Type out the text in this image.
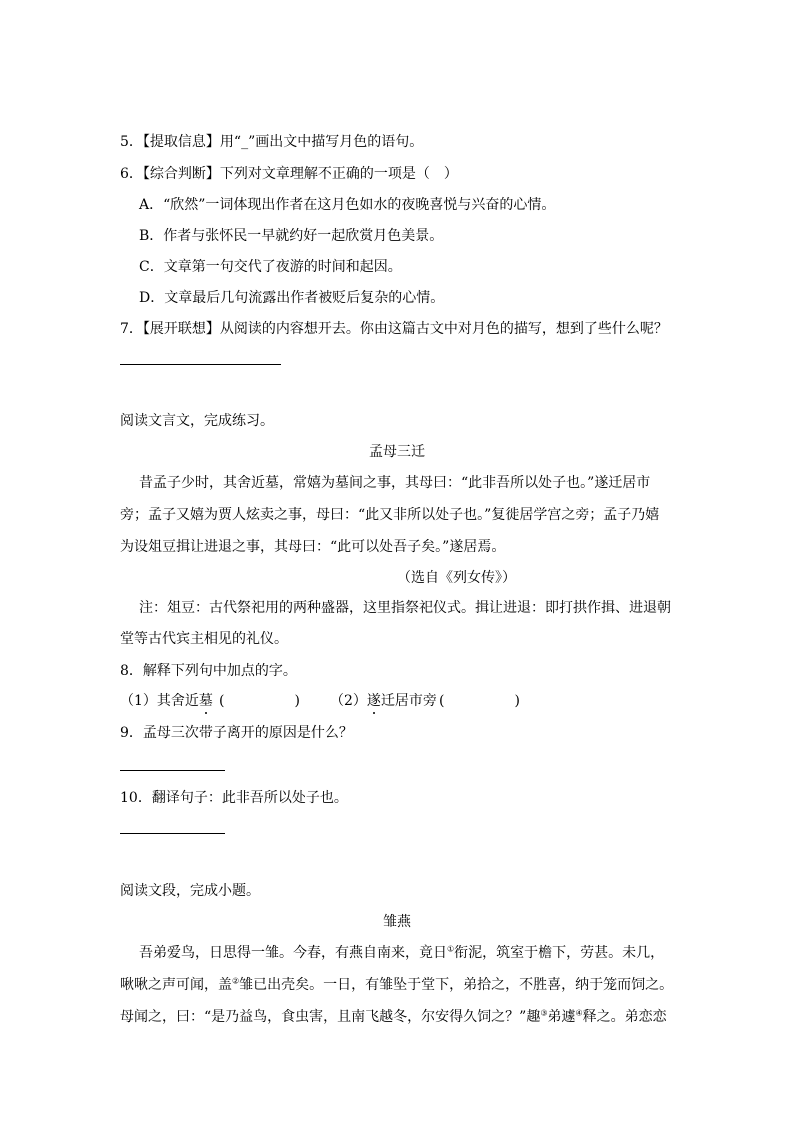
5．【提取信息】用“_”画出文中描写月色的语句。
6．【综合判断】下列对文章理解不正确的一项是（　）
A．“欣然”一词体现出作者在这月色如水的夜晚喜悦与兴奋的心情。
B．作者与张怀民一早就约好一起欣赏月色美景。
C．文章第一句交代了夜游的时间和起因。
D．文章最后几句流露出作者被贬后复杂的心情。
7．【展开联想】从阅读的内容想开去。你由这篇古文中对月色的描写，想到了些什么呢？
阅读文言文，完成练习。
孟母三迁
昔孟子少时，其舍近墓，常嬉为墓间之事，其母曰：“此非吾所以处子也。”遂迁居市
旁；孟子又嬉为贾人炫卖之事，母曰：“此又非所以处子也。”复徙居学宫之旁；孟子乃嬉
为设俎豆揖让进退之事，其母曰：“此可以处吾子矣。”遂居焉。
（选自《列女传》）
注：俎豆：古代祭祀用的两种盛器，这里指祭祀仪式。揖让进退：即打拱作揖、进退朝
堂等古代宾主相见的礼仪。
8．解释下列句中加点的字。
（1）其舍近墓 (　　　　　) （2）遂迁居市旁 (　　　　　)
9．孟母三次带子离开的原因是什么？
10．翻译句子：此非吾所以处子也。
阅读文段，完成小题。
雏燕
吾弟爱鸟，日思得一雏。今春，有燕自南来，竟日①衔泥，筑室于檐下，劳甚。未几，
啾啾之声可闻，盖②雏已出壳矣。一日，有雏坠于堂下，弟拾之，不胜喜，纳于笼而饲之。
母闻之，曰：“是乃益鸟，食虫害，且南飞越冬，尔安得久饲之？”趣③弟遽④释之。弟恋恋
